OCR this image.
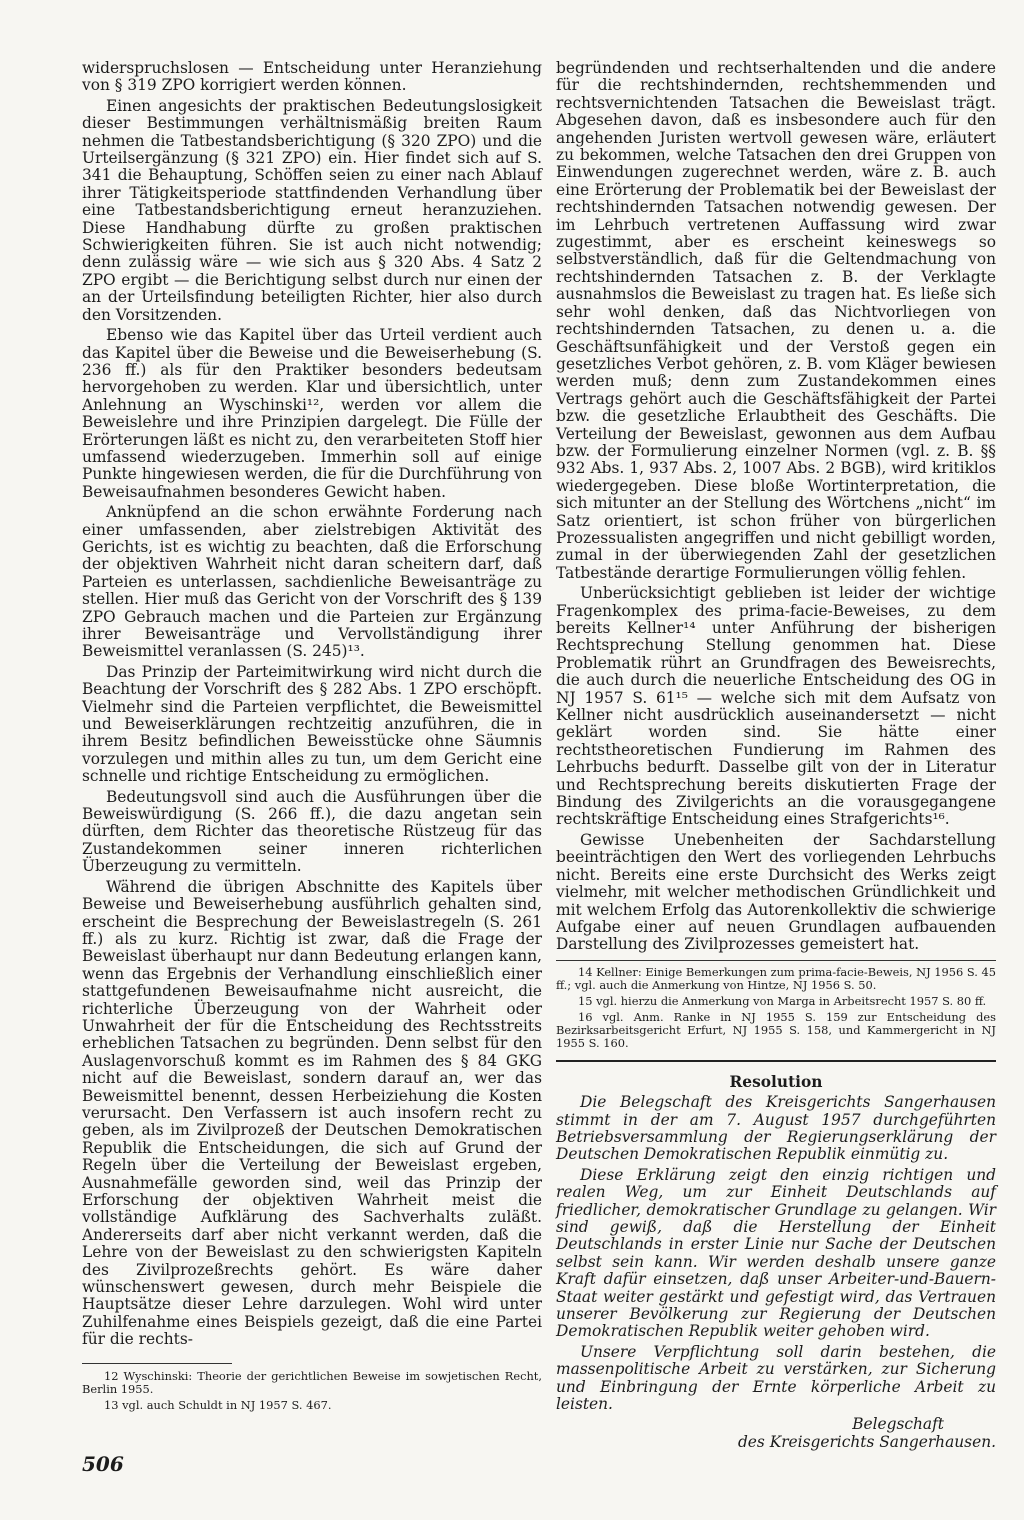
widerspruchslosen — Entscheidung unter Heranziehung von § 319 ZPO korrigiert werden können.

Einen angesichts der praktischen Bedeutungslosigkeit dieser Bestimmungen verhältnismäßig breiten Raum nehmen die Tatbestandsberichtigung (§ 320 ZPO) und die Urteilsergänzung (§ 321 ZPO) ein. Hier findet sich auf S. 341 die Behauptung, Schöffen seien zu einer nach Ablauf ihrer Tätigkeitsperiode stattfindenden Verhandlung über eine Tatbestandsberichtigung erneut heranzuziehen. Diese Handhabung dürfte zu großen praktischen Schwierigkeiten führen. Sie ist auch nicht notwendig; denn zulässig wäre — wie sich aus § 320 Abs. 4 Satz 2 ZPO ergibt — die Berichtigung selbst durch nur einen der an der Urteilsfindung beteiligten Richter, hier also durch den Vorsitzenden.

Ebenso wie das Kapitel über das Urteil verdient auch das Kapitel über die Beweise und die Beweiserhebung (S. 236 ff.) als für den Praktiker besonders bedeutsam hervorgehoben zu werden. Klar und übersichtlich, unter Anlehnung an Wyschinski¹², werden vor allem die Beweislehre und ihre Prinzipien dargelegt. Die Fülle der Erörterungen läßt es nicht zu, den verarbeiteten Stoff hier umfassend wiederzugeben. Immerhin soll auf einige Punkte hingewiesen werden, die für die Durchführung von Beweisaufnahmen besonderes Gewicht haben.

Anknüpfend an die schon erwähnte Forderung nach einer umfassenden, aber zielstrebigen Aktivität des Gerichts, ist es wichtig zu beachten, daß die Erforschung der objektiven Wahrheit nicht daran scheitern darf, daß Parteien es unterlassen, sachdienliche Beweisanträge zu stellen. Hier muß das Gericht von der Vorschrift des § 139 ZPO Gebrauch machen und die Parteien zur Ergänzung ihrer Beweisanträge und Vervollständigung ihrer Beweismittel veranlassen (S. 245)¹³.

Das Prinzip der Parteimitwirkung wird nicht durch die Beachtung der Vorschrift des § 282 Abs. 1 ZPO erschöpft. Vielmehr sind die Parteien verpflichtet, die Beweismittel und Beweiserklärungen rechtzeitig anzuführen, die in ihrem Besitz befindlichen Beweisstücke ohne Säumnis vorzulegen und mithin alles zu tun, um dem Gericht eine schnelle und richtige Entscheidung zu ermöglichen.

Bedeutungsvoll sind auch die Ausführungen über die Beweiswürdigung (S. 266 ff.), die dazu angetan sein dürften, dem Richter das theoretische Rüstzeug für das Zustandekommen seiner inneren richterlichen Überzeugung zu vermitteln.

Während die übrigen Abschnitte des Kapitels über Beweise und Beweiserhebung ausführlich gehalten sind, erscheint die Besprechung der Beweislastregeln (S. 261 ff.) als zu kurz. Richtig ist zwar, daß die Frage der Beweislast überhaupt nur dann Bedeutung erlangen kann, wenn das Ergebnis der Verhandlung einschließlich einer stattgefundenen Beweisaufnahme nicht ausreicht, die richterliche Überzeugung von der Wahrheit oder Unwahrheit der für die Entscheidung des Rechtsstreits erheblichen Tatsachen zu begründen. Denn selbst für den Auslagenvorschuß kommt es im Rahmen des § 84 GKG nicht auf die Beweislast, sondern darauf an, wer das Beweismittel benennt, dessen Herbeiziehung die Kosten verursacht. Den Verfassern ist auch insofern recht zu geben, als im Zivilprozeß der Deutschen Demokratischen Republik die Entscheidungen, die sich auf Grund der Regeln über die Verteilung der Beweislast ergeben, Ausnahmefälle geworden sind, weil das Prinzip der Erforschung der objektiven Wahrheit meist die vollständige Aufklärung des Sachverhalts zuläßt. Andererseits darf aber nicht verkannt werden, daß die Lehre von der Beweislast zu den schwierigsten Kapiteln des Zivilprozeßrechts gehört. Es wäre daher wünschenswert gewesen, durch mehr Beispiele die Hauptsätze dieser Lehre darzulegen. Wohl wird unter Zuhilfenahme eines Beispiels gezeigt, daß die eine Partei für die rechts-

12 Wyschinski: Theorie der gerichtlichen Beweise im sowjetischen Recht, Berlin 1955.
13 vgl. auch Schuldt in NJ 1957 S. 467.

begründenden und rechtserhaltenden und die andere für die rechtshindernden, rechtshemmenden und rechtsvernichtenden Tatsachen die Beweislast trägt. Abgesehen davon, daß es insbesondere auch für den angehenden Juristen wertvoll gewesen wäre, erläutert zu bekommen, welche Tatsachen den drei Gruppen von Einwendungen zugerechnet werden, wäre z. B. auch eine Erörterung der Problematik bei der Beweislast der rechtshindernden Tatsachen notwendig gewesen. Der im Lehrbuch vertretenen Auffassung wird zwar zugestimmt, aber es erscheint keineswegs so selbstverständlich, daß für die Geltendmachung von rechtshindernden Tatsachen z. B. der Verklagte ausnahmslos die Beweislast zu tragen hat. Es ließe sich sehr wohl denken, daß das Nichtvorliegen von rechtshindernden Tatsachen, zu denen u. a. die Geschäftsunfähigkeit und der Verstoß gegen ein gesetzliches Verbot gehören, z. B. vom Kläger bewiesen werden muß; denn zum Zustandekommen eines Vertrags gehört auch die Geschäftsfähigkeit der Partei bzw. die gesetzliche Erlaubtheit des Geschäfts. Die Verteilung der Beweislast, gewonnen aus dem Aufbau bzw. der Formulierung einzelner Normen (vgl. z. B. §§ 932 Abs. 1, 937 Abs. 2, 1007 Abs. 2 BGB), wird kritiklos wiedergegeben. Diese bloße Wortinterpretation, die sich mitunter an der Stellung des Wörtchens „nicht“ im Satz orientiert, ist schon früher von bürgerlichen Prozessualisten angegriffen und nicht gebilligt worden, zumal in der überwiegenden Zahl der gesetzlichen Tatbestände derartige Formulierungen völlig fehlen.

Unberücksichtigt geblieben ist leider der wichtige Fragenkomplex des prima-facie-Beweises, zu dem bereits Kellner¹⁴ unter Anführung der bisherigen Rechtsprechung Stellung genommen hat. Diese Problematik rührt an Grundfragen des Beweisrechts, die auch durch die neuerliche Entscheidung des OG in NJ 1957 S. 61¹⁵ — welche sich mit dem Aufsatz von Kellner nicht ausdrücklich auseinandersetzt — nicht geklärt worden sind. Sie hätte einer rechtstheoretischen Fundierung im Rahmen des Lehrbuchs bedurft. Dasselbe gilt von der in Literatur und Rechtsprechung bereits diskutierten Frage der Bindung des Zivilgerichts an die vorausgegangene rechtskräftige Entscheidung eines Strafgerichts¹⁶.

Gewisse Unebenheiten der Sachdarstellung beeinträchtigen den Wert des vorliegenden Lehrbuchs nicht. Bereits eine erste Durchsicht des Werks zeigt vielmehr, mit welcher methodischen Gründlichkeit und mit welchem Erfolg das Autorenkollektiv die schwierige Aufgabe einer auf neuen Grundlagen aufbauenden Darstellung des Zivilprozesses gemeistert hat.

14 Kellner: Einige Bemerkungen zum prima-facie-Beweis, NJ 1956 S. 45 ff.; vgl. auch die Anmerkung von Hintze, NJ 1956 S. 50.
15 vgl. hierzu die Anmerkung von Marga in Arbeitsrecht 1957 S. 80 ff.
16 vgl. Anm. Ranke in NJ 1955 S. 159 zur Entscheidung des Bezirksarbeitsgericht Erfurt, NJ 1955 S. 158, und Kammergericht in NJ 1955 S. 160.
Resolution

Die Belegschaft des Kreisgerichts Sangerhausen stimmt in der am 7. August 1957 durchgeführten Betriebsversammlung der Regierungserklärung der Deutschen Demokratischen Republik einmütig zu.

Diese Erklärung zeigt den einzig richtigen und realen Weg, um zur Einheit Deutschlands auf friedlicher, demokratischer Grundlage zu gelangen. Wir sind gewiß, daß die Herstellung der Einheit Deutschlands in erster Linie nur Sache der Deutschen selbst sein kann. Wir werden deshalb unsere ganze Kraft dafür einsetzen, daß unser Arbeiter-und-Bauern-Staat weiter gestärkt und gefestigt wird, das Vertrauen unserer Bevölkerung zur Regierung der Deutschen Demokratischen Republik weiter gehoben wird.

Unsere Verpflichtung soll darin bestehen, die massenpolitische Arbeit zu verstärken, zur Sicherung und Einbringung der Ernte körperliche Arbeit zu leisten.

Belegschaft

des Kreisgerichts Sangerhausen.

506
